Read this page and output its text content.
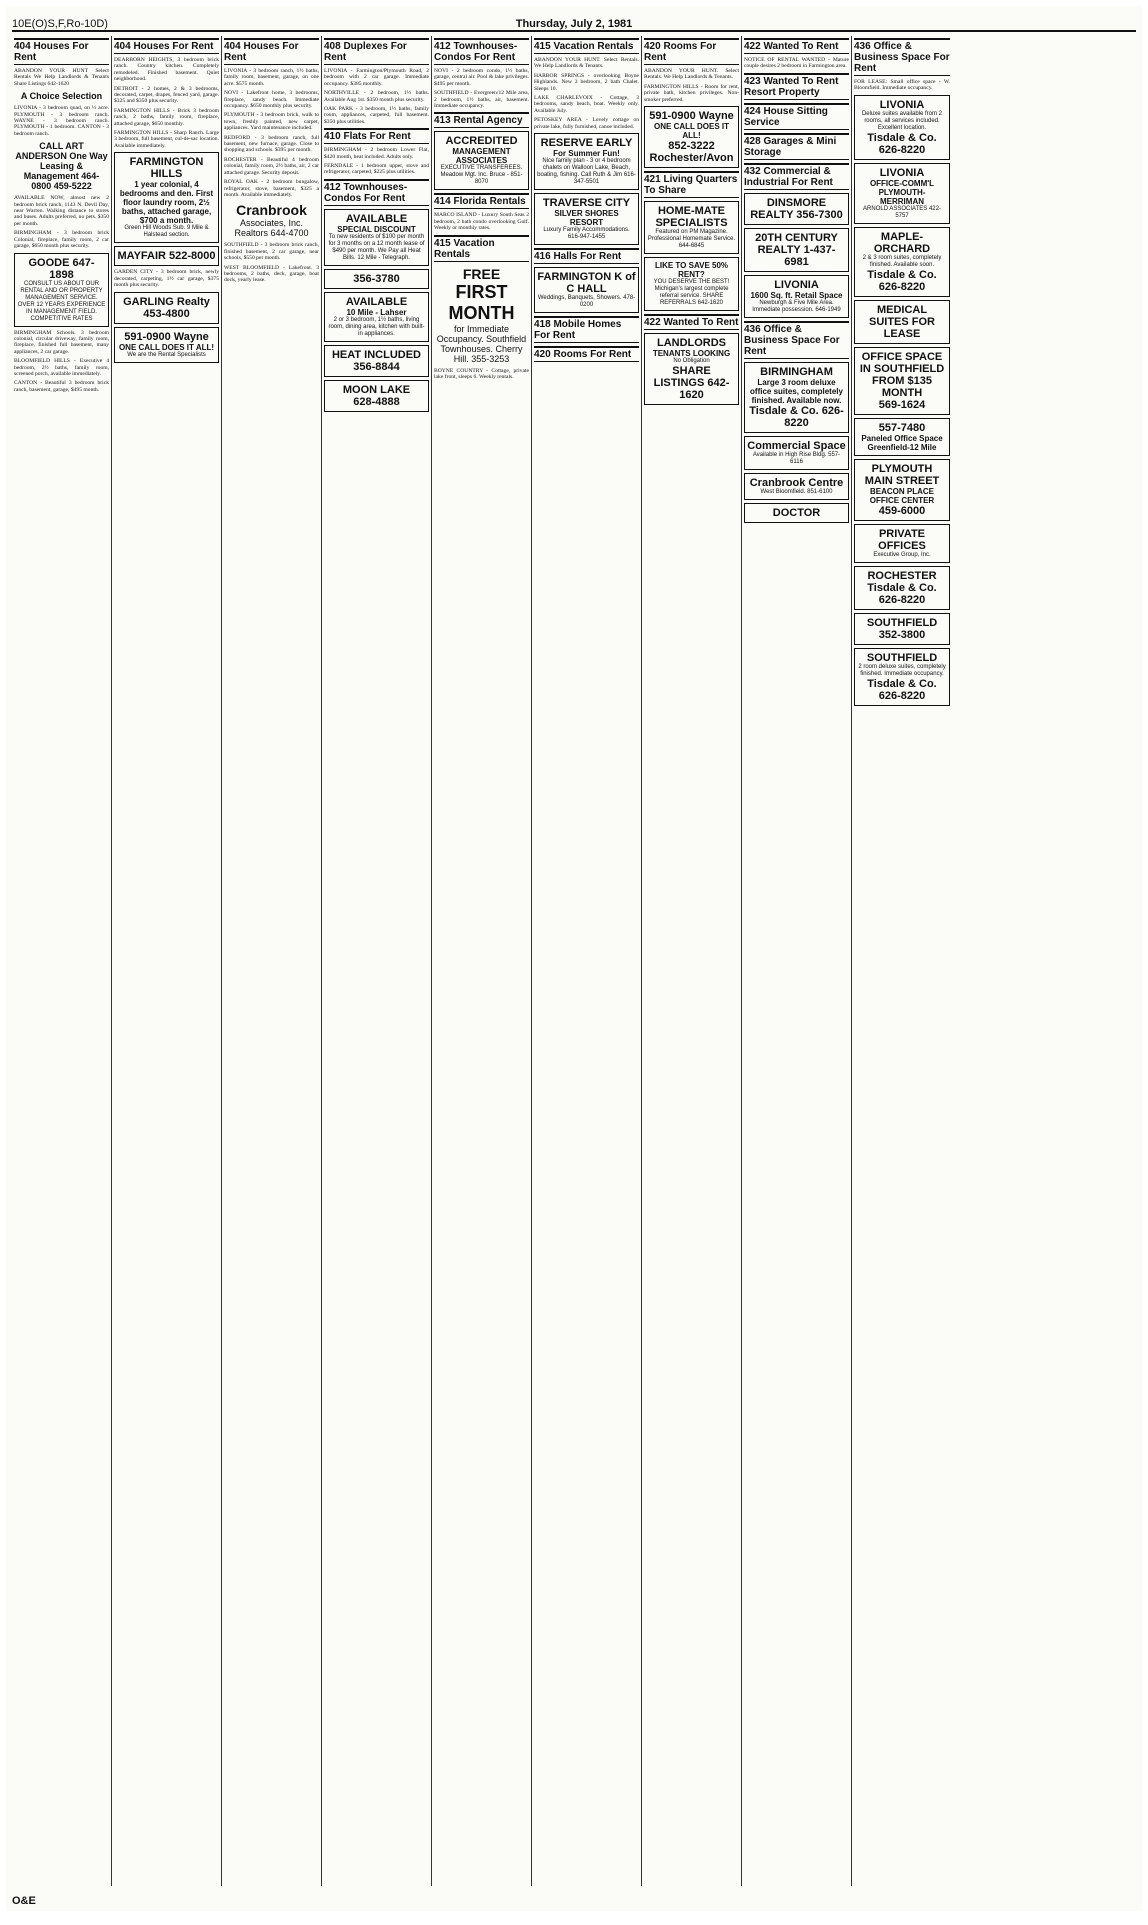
10E(O)S,F,Ro-10D)	Thursday, July 2, 1981
404 Houses For Rent
ABANDON YOUR HUNT Select Rentals We Help Landlords & Tenants Share Listings 642-1620
A Choice Selection
LIVONIA - 3 bedroom quad, on ½ acre. PLYMOUTH - 3 bedroom ranch. WAYNE - 3 bedroom ranch. PLYMOUTH - 1 bedroom. CANTON - 3 bedroom ranch.
CALL ART ANDERSON One Way Leasing & Management 464-0800 459-5222
AVAILABLE NOW, almost new 2 bedroom brick ranch, 1143 N. Devil Day, near Warren. Walking distance to stores and buses. Adults preferred, no pets. $350 per month.
BIRMINGHAM - 3 bedroom brick Colonial, fireplace, family room, 2 car garage, $650 month plus security.
GOODE 647-1898
CONSULT US ABOUT OUR RENTAL AND OR PROPERTY MANAGEMENT SERVICE. OVER 12 YEARS EXPERIENCE IN MANAGEMENT FIELD. COMPETITIVE RATES
BIRMINGHAM Schools. 3 bedroom colonial, circular driveway, family room, fireplace, finished full basement, many appliances, 2 car garage.
BLOOMFIELD HILLS - Executive 4 bedroom, 2½ baths, family room, screened porch, available immediately.
CANTON - Beautiful 3 bedroom brick ranch, basement, garage, $495 month.
404 Houses For Rent
DEARBORN HEIGHTS, 3 bedroom brick ranch. Country kitchen. Completely remodeled. Finished basement. Quiet neighborhood.
DETROIT - 2 homes, 2 & 3 bedrooms, decorated, carpet, drapes, fenced yard, garage. $325 and $350 plus security.
FARMINGTON HILLS - Brick 3 bedroom ranch, 2 baths, family room, fireplace, attached garage, $650 monthly.
FARMINGTON HILLS - Sharp Ranch. Large 3 bedroom, full basement, cul-de-sac location. Available immediately.
FARMINGTON HILLS
1 year colonial, 4 bedrooms and den. First floor laundry room, 2½ baths, attached garage, $700 a month.
Green Hill Woods Sub. 9 Mile & Halstead section.
MAYFAIR 522-8000
GARDEN CITY - 3 bedroom brick, newly decorated, carpeting, 1½ car garage, $375 month plus security.
GARLING Realty 453-4800
591-0900 Wayne
ONE CALL DOES IT ALL!
We are the Rental Specialists
404 Houses For Rent
LIVONIA - 3 bedroom ranch, 1½ baths, family room, basement, garage, on one acre. $575 month.
NOVI - Lakefront home, 3 bedrooms, fireplace, sandy beach. Immediate occupancy. $650 monthly plus security.
PLYMOUTH - 3 bedroom brick, walk to town, freshly painted, new carpet, appliances. Yard maintenance included.
REDFORD - 3 bedroom ranch, full basement, new furnace, garage. Close to shopping and schools. $395 per month.
ROCHESTER - Beautiful 4 bedroom colonial, family room, 2½ baths, air, 2 car attached garage. Security deposit.
ROYAL OAK - 2 bedroom bungalow, refrigerator, stove, basement, $325 a month. Available immediately.
Cranbrook
Associates, Inc. Realtors 644-4700
SOUTHFIELD - 3 bedroom brick ranch, finished basement, 2 car garage, near schools, $550 per month.
WEST BLOOMFIELD - Lakefront. 3 bedrooms, 2 baths, deck, garage, boat dock, yearly lease.
408 Duplexes For Rent
LIVONIA - Farmington/Plymouth Road, 2 bedroom with 2 car garage. Immediate occupancy. $385 monthly.
NORTHVILLE - 2 bedroom, 1½ baths. Available Aug 1st. $350 month plus security.
OAK PARK - 3 bedroom, 1½ baths, family room, appliances, carpeted, full basement. $350 plus utilities.
410 Flats For Rent
BIRMINGHAM - 2 bedroom Lower Flat, $420 month, heat included. Adults only.
FERNDALE - 1 bedroom upper, stove and refrigerator, carpeted, $225 plus utilities.
412 Townhouses-Condos For Rent
AVAILABLE
SPECIAL DISCOUNT
To new residents of $100 per month for 3 months on a 12 month lease of $490 per month. We Pay all Heat Bills. 12 Mile - Telegraph.
356-3780
AVAILABLE
10 Mile - Lahser
2 or 3 bedroom, 1½ baths, living room, dining area, kitchen with built-in appliances.
HEAT INCLUDED 356-8844
MOON LAKE
628-4888
412 Townhouses-Condos For Rent
NOVI - 2 bedroom condo, 1½ baths, garage, central air. Pool & lake privileges. $495 per month.
SOUTHFIELD - Evergreen/12 Mile area, 2 bedroom, 1½ baths, air, basement. Immediate occupancy.
413 Rental Agency
ACCREDITED
MANAGEMENT ASSOCIATES
EXECUTIVE TRANSFEREES. Meadow Mgt. Inc. Bruce - 851-8070
414 Florida Rentals
MARCO ISLAND - Luxury South Seas 2 bedroom, 2 bath condo overlooking Gulf. Weekly or monthly rates.
415 Vacation Rentals
FREE
FIRST MONTH
for Immediate Occupancy. Southfield Townhouses. Cherry Hill. 355-3253
BOYNE COUNTRY - Cottage, private lake front, sleeps 6. Weekly rentals.
415 Vacation Rentals
ABANDON YOUR HUNT. Select Rentals. We Help Landlords & Tenants.
HARBOR SPRINGS - overlooking Boyne Highlands. New 3 bedroom, 2 bath Chalet. Sleeps 10.
LAKE CHARLEVOIX - Cottage, 3 bedrooms, sandy beach, boat. Weekly only. Available July.
PETOSKEY AREA - Lovely cottage on private lake, fully furnished, canoe included.
RESERVE EARLY
For Summer Fun!
Nice family plan - 3 or 4 bedroom chalets on Walloon Lake, Beach, boating, fishing. Call Ruth & Jim 616-347-5501
TRAVERSE CITY
SILVER SHORES RESORT
Luxury Family Accommodations. 616-947-1455
416 Halls For Rent
FARMINGTON K of C HALL
Weddings, Banquets, Showers. 478-0200
418 Mobile Homes For Rent
420 Rooms For Rent
420 Rooms For Rent
ABANDON YOUR HUNT. Select Rentals. We Help Landlords & Tenants.
FARMINGTON HILLS - Room for rent, private bath, kitchen privileges. Non-smoker preferred.
591-0900 Wayne
ONE CALL DOES IT ALL!
852-3222 Rochester/Avon
421 Living Quarters To Share
HOME-MATE SPECIALISTS
Featured on PM Magazine. Professional Homemate Service. 644-6845
LIKE TO SAVE 50% RENT?
YOU DESERVE THE BEST! Michigan's largest complete referral service. SHARE REFERRALS 642-1620
422 Wanted To Rent
LANDLORDS
TENANTS LOOKING
No Obligation
SHARE LISTINGS 642-1620
422 Wanted To Rent
NOTICE OF RENTAL WANTED - Mature couple desires 2 bedroom in Farmington area.
423 Wanted To Rent Resort Property
424 House Sitting Service
428 Garages & Mini Storage
432 Commercial & Industrial For Rent
DINSMORE REALTY 356-7300
20TH CENTURY REALTY 1-437-6981
LIVONIA
1600 Sq. ft. Retail Space
Newburgh & Five Mile Area. Immediate possession. 646-1949
436 Office & Business Space For Rent
BIRMINGHAM
Large 3 room deluxe office suites, completely finished. Available now.
Tisdale & Co. 626-8220
Commercial Space
Available in High Rise Bldg. 557-6116
Cranbrook Centre
West Bloomfield. 851-6100
DOCTOR
436 Office & Business Space For Rent
FOR LEASE: Small office space - W. Bloomfield. Immediate occupancy.
LIVONIA
Deluxe suites available from 2 rooms, all services included. Excellent location.
Tisdale & Co. 626-8220
LIVONIA
OFFICE-COMM'L PLYMOUTH-MERRIMAN
ARNOLD ASSOCIATES 422-5757
MAPLE-ORCHARD
2 & 3 room suites, completely finished. Available soon.
Tisdale & Co. 626-8220
MEDICAL SUITES FOR LEASE
OFFICE SPACE IN SOUTHFIELD FROM $135 MONTH
569-1624
557-7480
Paneled Office Space Greenfield-12 Mile
PLYMOUTH MAIN STREET
BEACON PLACE OFFICE CENTER
459-6000
PRIVATE OFFICES
Executive Group, Inc.
ROCHESTER
Tisdale & Co. 626-8220
SOUTHFIELD
352-3800
SOUTHFIELD
2 room deluxe suites, completely finished. Immediate occupancy.
Tisdale & Co. 626-8220
O&E
